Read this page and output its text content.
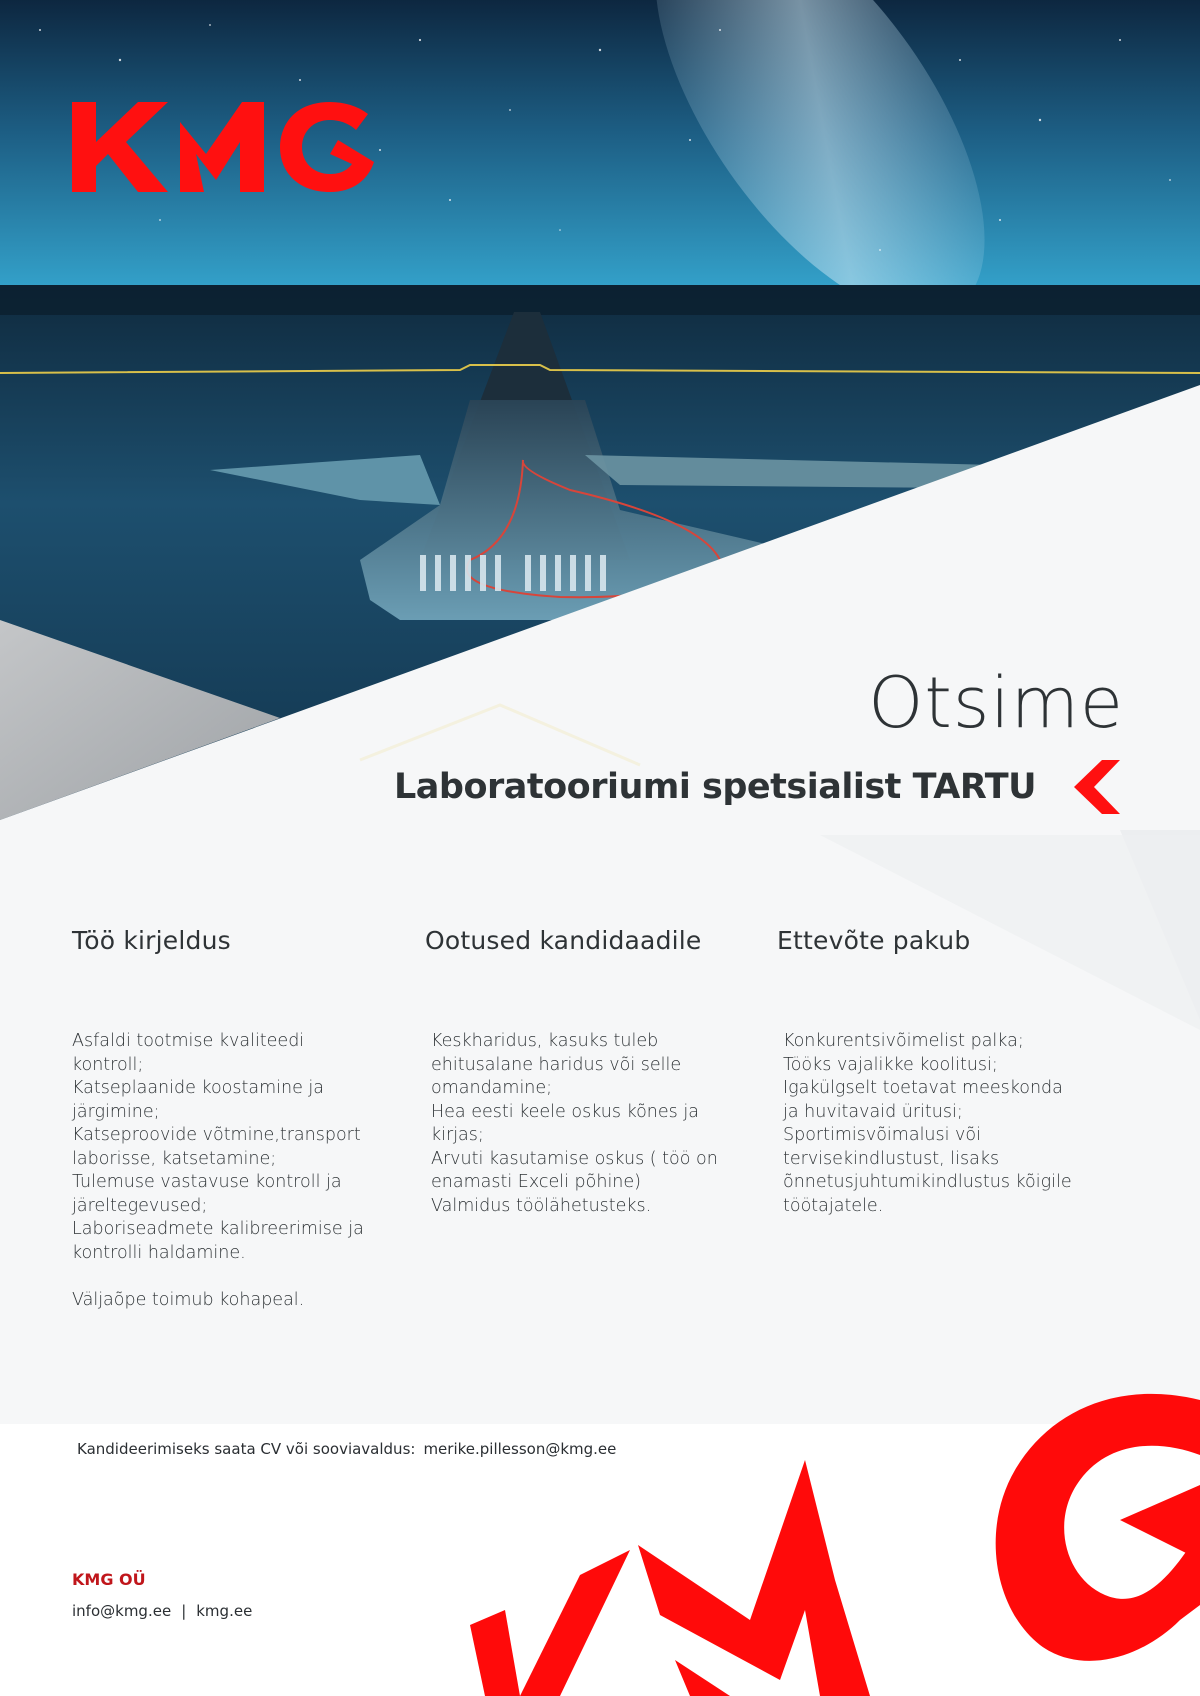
Otsime
Laboratooriumi spetsialist TARTU
Töö kirjeldus
Asfaldi tootmise kvaliteedi
kontroll;
Katseplaanide koostamine ja
järgimine;
Katseproovide võtmine,transport
laborisse, katsetamine;
Tulemuse vastavuse kontroll ja
järeltegevused;
Laboriseadmete kalibreerimise ja
kontrolli haldamine.
Väljaõpe toimub kohapeal.
Ootused kandidaadile
Keskharidus, kasuks tuleb
ehitusalane haridus või selle
omandamine;
Hea eesti keele oskus kõnes ja
kirjas;
Arvuti kasutamise oskus ( töö on
enamasti Exceli põhine)
Valmidus töölähetusteks.
Ettevõte pakub
Konkurentsivõimelist palka;
Tööks vajalikke koolitusi;
Igakülgselt toetavat meeskonda
ja huvitavaid üritusi;
Sportimisvõimalusi või
tervisekindlustust, lisaks
õnnetusjuhtumikindlustus kõigile
töötajatele.
Kandideerimiseks saata CV või sooviavaldus: merike.pillesson@kmg.ee
KMG OÜ
info@kmg.ee | kmg.ee
